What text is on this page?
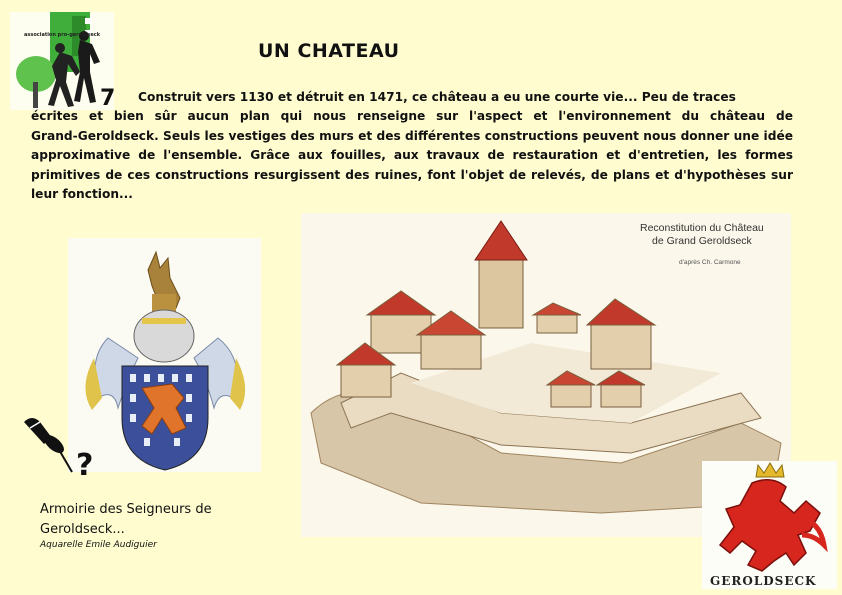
association pro-geroldseck
UN CHATEAU
7 Construit vers 1130 et détruit en 1471, ce château a eu une courte vie... Peu de traces
écrites et bien sûr aucun plan qui nous renseigne sur l'aspect et l'environnement du château de
Grand-Geroldseck. Seuls les vestiges des murs et des différentes constructions peuvent nous donner une idée
approximative de l'ensemble. Grâce aux fouilles, aux travaux de restauration et d'entretien, les formes
primitives de ces constructions resurgissent des ruines, font l'objet de relevés, de plans et d'hypothèses sur
leur fonction...
?
Armoirie des Seigneurs de Geroldseck...
Aquarelle Emile Audiguier
Reconstitution du Château
de Grand Geroldseck
d'après Ch. Carmone
GEROLDSECK
